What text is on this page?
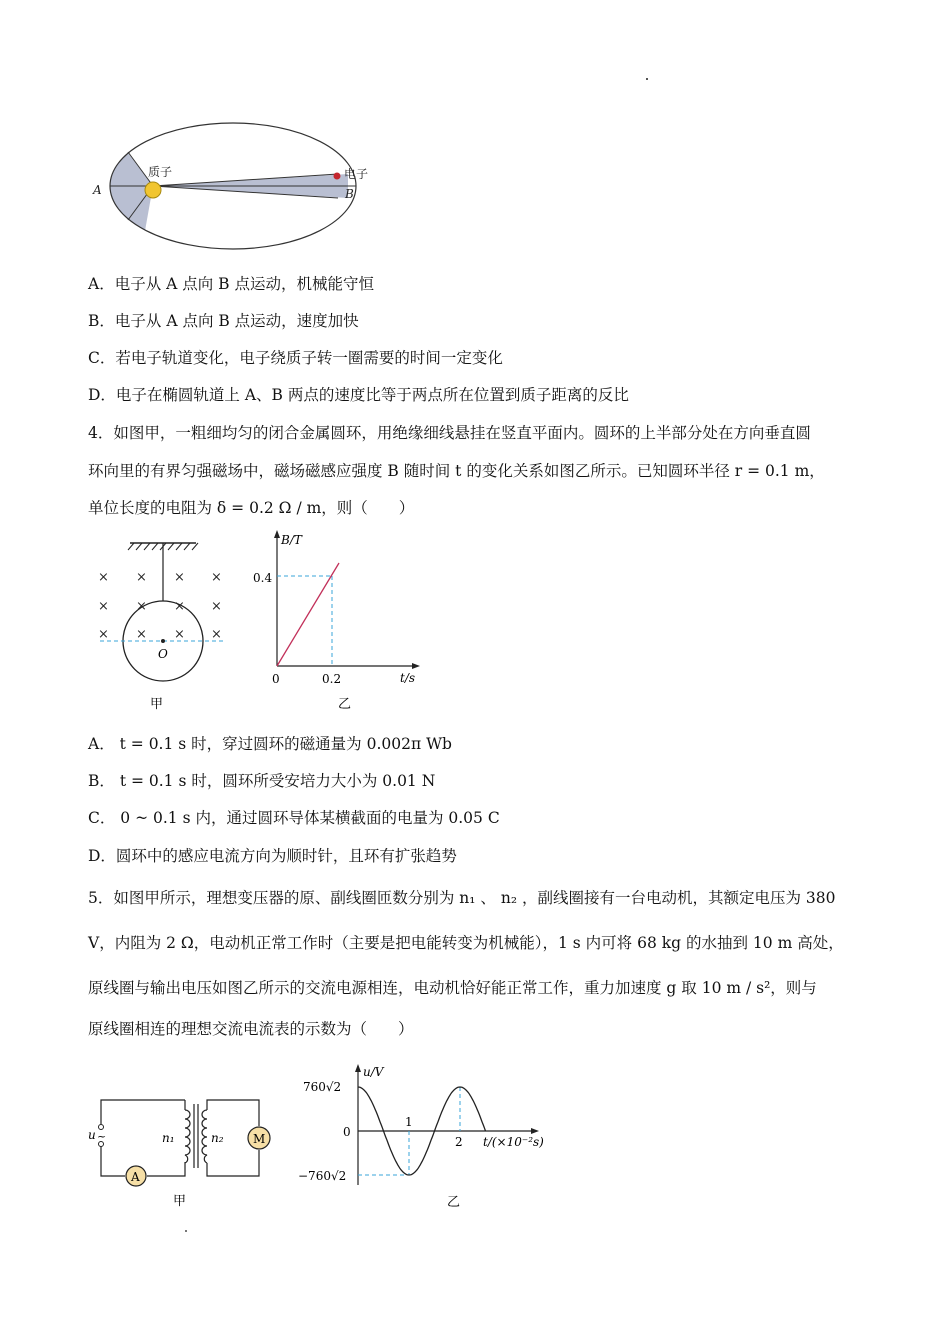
质子	电子
A	B
A．电子从 A 点向 B 点运动，机械能守恒
B．电子从 A 点向 B 点运动，速度加快
C．若电子轨道变化，电子绕质子转一圈需要的时间一定变化
D．电子在椭圆轨道上 A、B 两点的速度比等于两点所在位置到质子距离的反比
4．如图甲，一粗细均匀的闭合金属圆环，用绝缘细线悬挂在竖直平面内。圆环的上半部分处在方向垂直圆
环向里的有界匀强磁场中，磁场磁感应强度 B 随时间 t 的变化关系如图乙所示。已知圆环半径 r = 0.1 m，
单位长度的电阻为 δ = 0.2 Ω / m，则（　　）
O
× × × ×
× × × ×
× × × ×
甲
B/T
t/s
0
0.4
0.2
乙
A． t = 0.1 s 时，穿过圆环的磁通量为 0.002π Wb
B． t = 0.1 s 时，圆环所受安培力大小为 0.01 N
C． 0 ~ 0.1 s 内，通过圆环导体某横截面的电量为 0.05 C
D．圆环中的感应电流方向为顺时针，且环有扩张趋势
5．如图甲所示，理想变压器的原、副线圈匝数分别为 n₁ 、 n₂ ，副线圈接有一台电动机，其额定电压为 380
V，内阻为 2 Ω，电动机正常工作时（主要是把电能转变为机械能），1 s 内可将 68 kg 的水抽到 10 m 高处，
原线圈与输出电压如图乙所示的交流电源相连，电动机恰好能正常工作，重力加速度 g 取 10 m / s²，则与
原线圈相连的理想交流电流表的示数为（　　）
u ~	M
A
n₁	n₂
甲
u/V
760√2
0
−760√2
1
2 t/(×10⁻²s)
乙
